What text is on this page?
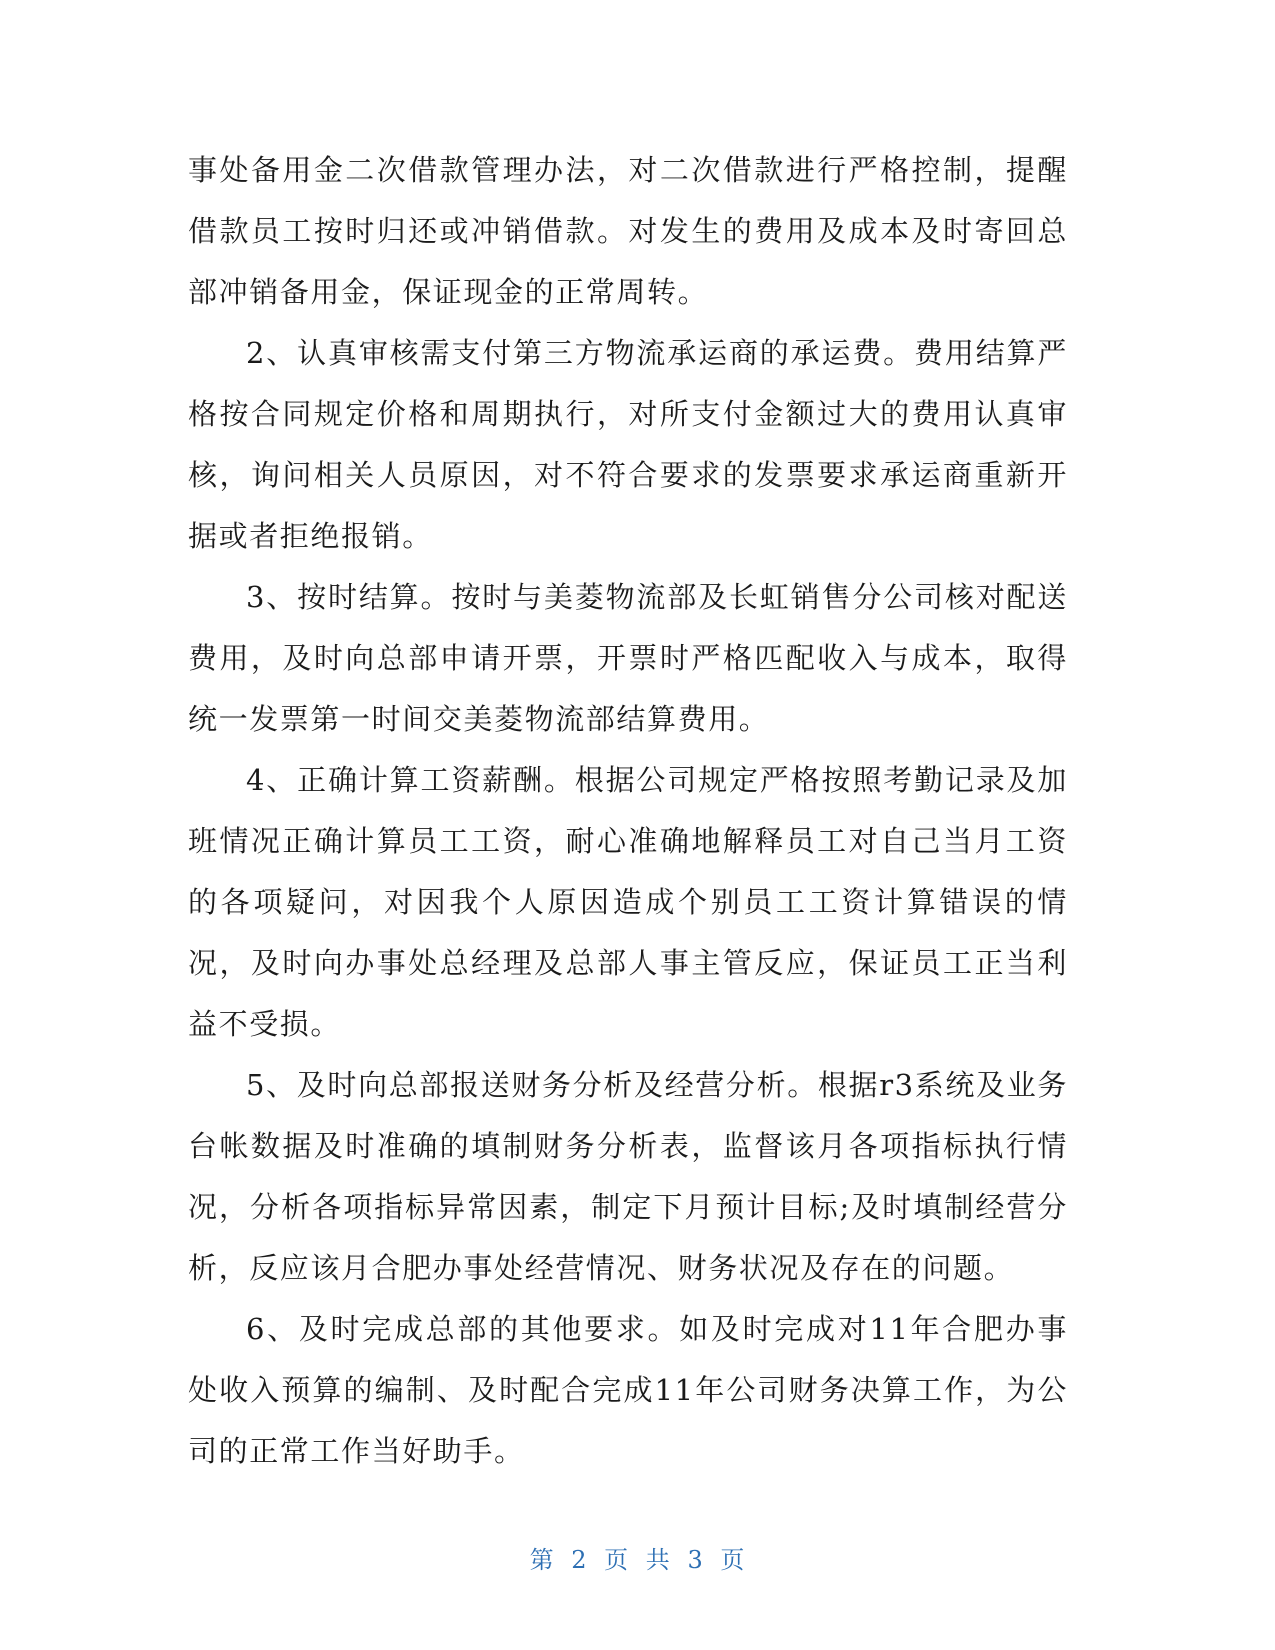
事处备用金二次借款管理办法，对二次借款进行严格控制，提醒借款员工按时归还或冲销借款。对发生的费用及成本及时寄回总部冲销备用金，保证现金的正常周转。

2、认真审核需支付第三方物流承运商的承运费。费用结算严格按合同规定价格和周期执行，对所支付金额过大的费用认真审核，询问相关人员原因，对不符合要求的发票要求承运商重新开据或者拒绝报销。

3、按时结算。按时与美菱物流部及长虹销售分公司核对配送费用，及时向总部申请开票，开票时严格匹配收入与成本，取得统一发票第一时间交美菱物流部结算费用。

4、正确计算工资薪酬。根据公司规定严格按照考勤记录及加班情况正确计算员工工资，耐心准确地解释员工对自己当月工资的各项疑问，对因我个人原因造成个别员工工资计算错误的情况，及时向办事处总经理及总部人事主管反应，保证员工正当利益不受损。

5、及时向总部报送财务分析及经营分析。根据r3系统及业务台帐数据及时准确的填制财务分析表，监督该月各项指标执行情况，分析各项指标异常因素，制定下月预计目标;及时填制经营分析，反应该月合肥办事处经营情况、财务状况及存在的问题。

6、及时完成总部的其他要求。如及时完成对11年合肥办事处收入预算的编制、及时配合完成11年公司财务决算工作，为公司的正常工作当好助手。

第 2 页 共 3 页
